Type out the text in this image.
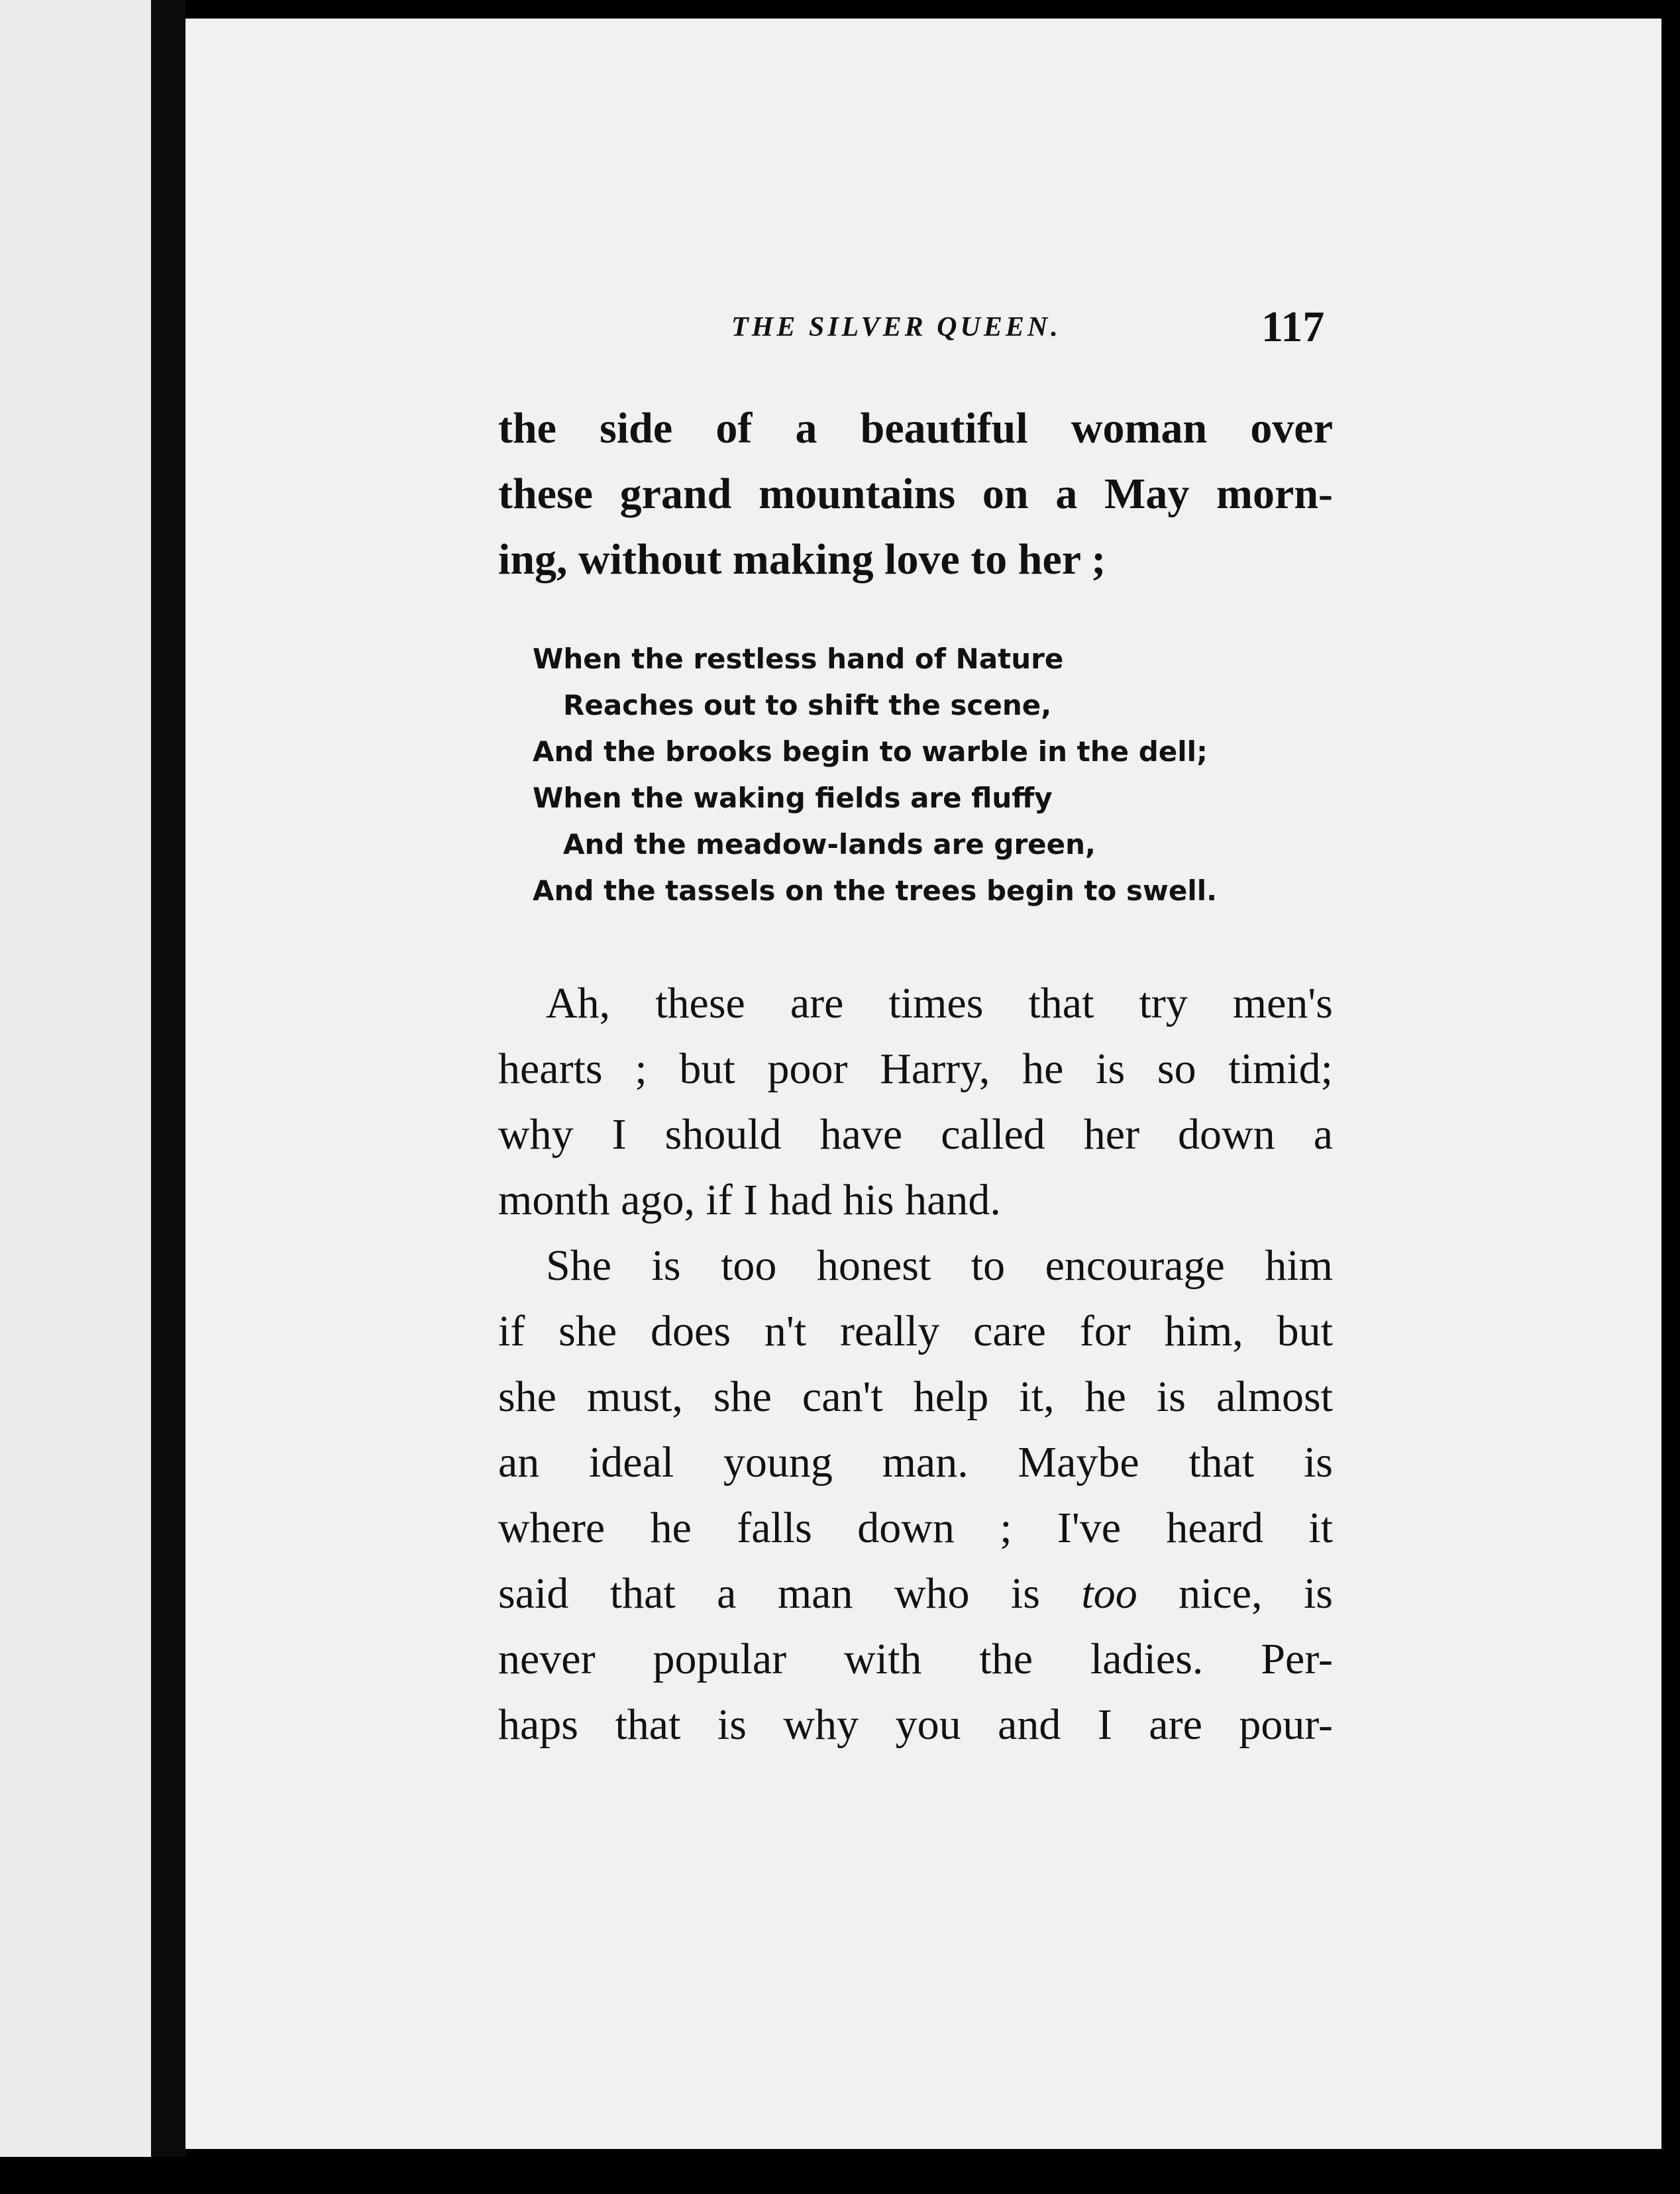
THE SILVER QUEEN.	117
the side of a beautiful woman over
these grand mountains on a May morn-
ing, without making love to her ;
When the restless hand of Nature
Reaches out to shift the scene,
And the brooks begin to warble in the dell;
When the waking fields are fluffy
And the meadow-lands are green,
And the tassels on the trees begin to swell.
Ah, these are times that try men's
hearts ; but poor Harry, he is so timid;
why I should have called her down a
month ago, if I had his hand.
She is too honest to encourage him
if she does n't really care for him, but
she must, she can't help it, he is almost
an ideal young man. Maybe that is
where he falls down ; I've heard it
said that a man who is too nice, is
never popular with the ladies. Per-
haps that is why you and I are pour-
